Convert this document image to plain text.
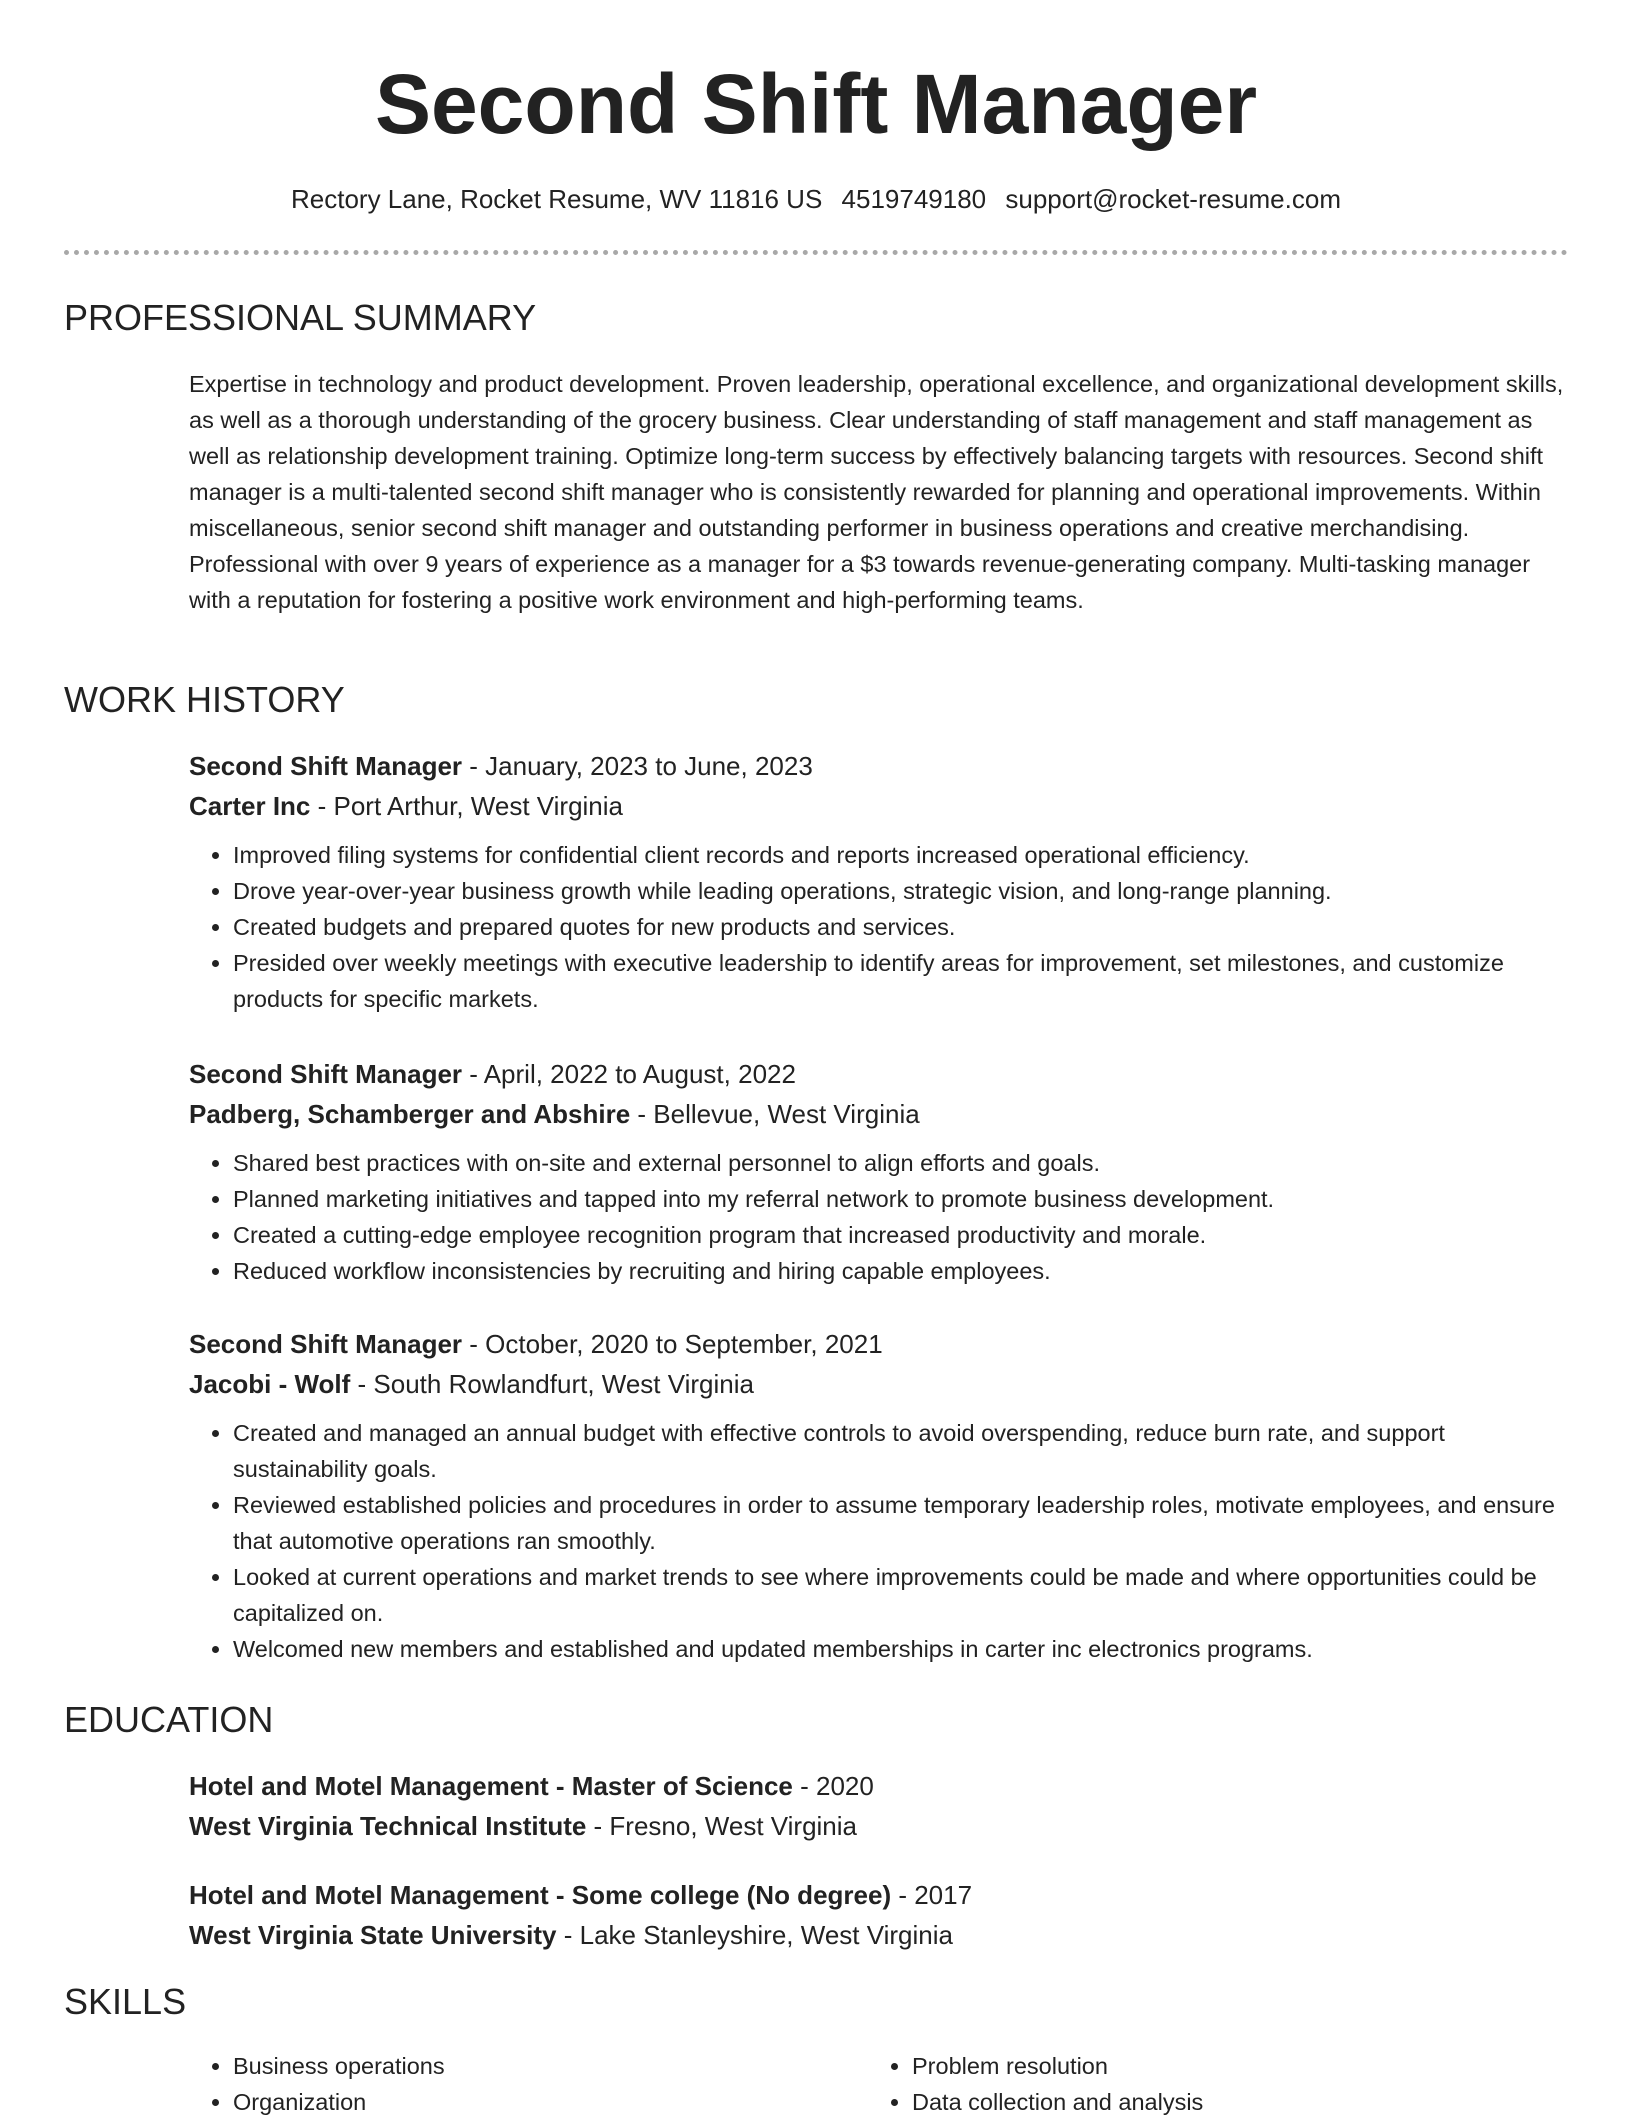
Second Shift Manager
Rectory Lane, Rocket Resume, WV 11816 US 4519749180 support@rocket-resume.com
PROFESSIONAL SUMMARY

Expertise in technology and product development. Proven leadership, operational excellence, and organizational development skills, as well as a thorough understanding of the grocery business. Clear understanding of staff management and staff management as well as relationship development training. Optimize long-term success by effectively balancing targets with resources. Second shift manager is a multi-talented second shift manager who is consistently rewarded for planning and operational improvements. Within miscellaneous, senior second shift manager and outstanding performer in business operations and creative merchandising. Professional with over 9 years of experience as a manager for a $3 towards revenue-generating company. Multi-tasking manager with a reputation for fostering a positive work environment and high-performing teams.

WORK HISTORY
Second Shift Manager - January, 2023 to June, 2023
Carter Inc - Port Arthur, West Virginia
• Improved filing systems for confidential client records and reports increased operational efficiency.
• Drove year-over-year business growth while leading operations, strategic vision, and long-range planning.
• Created budgets and prepared quotes for new products and services.
• Presided over weekly meetings with executive leadership to identify areas for improvement, set milestones, and customize products for specific markets.
Second Shift Manager - April, 2022 to August, 2022
Padberg, Schamberger and Abshire - Bellevue, West Virginia
• Shared best practices with on-site and external personnel to align efforts and goals.
• Planned marketing initiatives and tapped into my referral network to promote business development.
• Created a cutting-edge employee recognition program that increased productivity and morale.
• Reduced workflow inconsistencies by recruiting and hiring capable employees.
Second Shift Manager - October, 2020 to September, 2021
Jacobi - Wolf - South Rowlandfurt, West Virginia
• Created and managed an annual budget with effective controls to avoid overspending, reduce burn rate, and support sustainability goals.
• Reviewed established policies and procedures in order to assume temporary leadership roles, motivate employees, and ensure that automotive operations ran smoothly.
• Looked at current operations and market trends to see where improvements could be made and where opportunities could be capitalized on.
• Welcomed new members and established and updated memberships in carter inc electronics programs.
EDUCATION
Hotel and Motel Management - Master of Science - 2020
West Virginia Technical Institute - Fresno, West Virginia
Hotel and Motel Management - Some college (No degree) - 2017
West Virginia State University - Lake Stanleyshire, West Virginia
SKILLS
• Business operations
• Organization
• Problem resolution
• Data collection and analysis
